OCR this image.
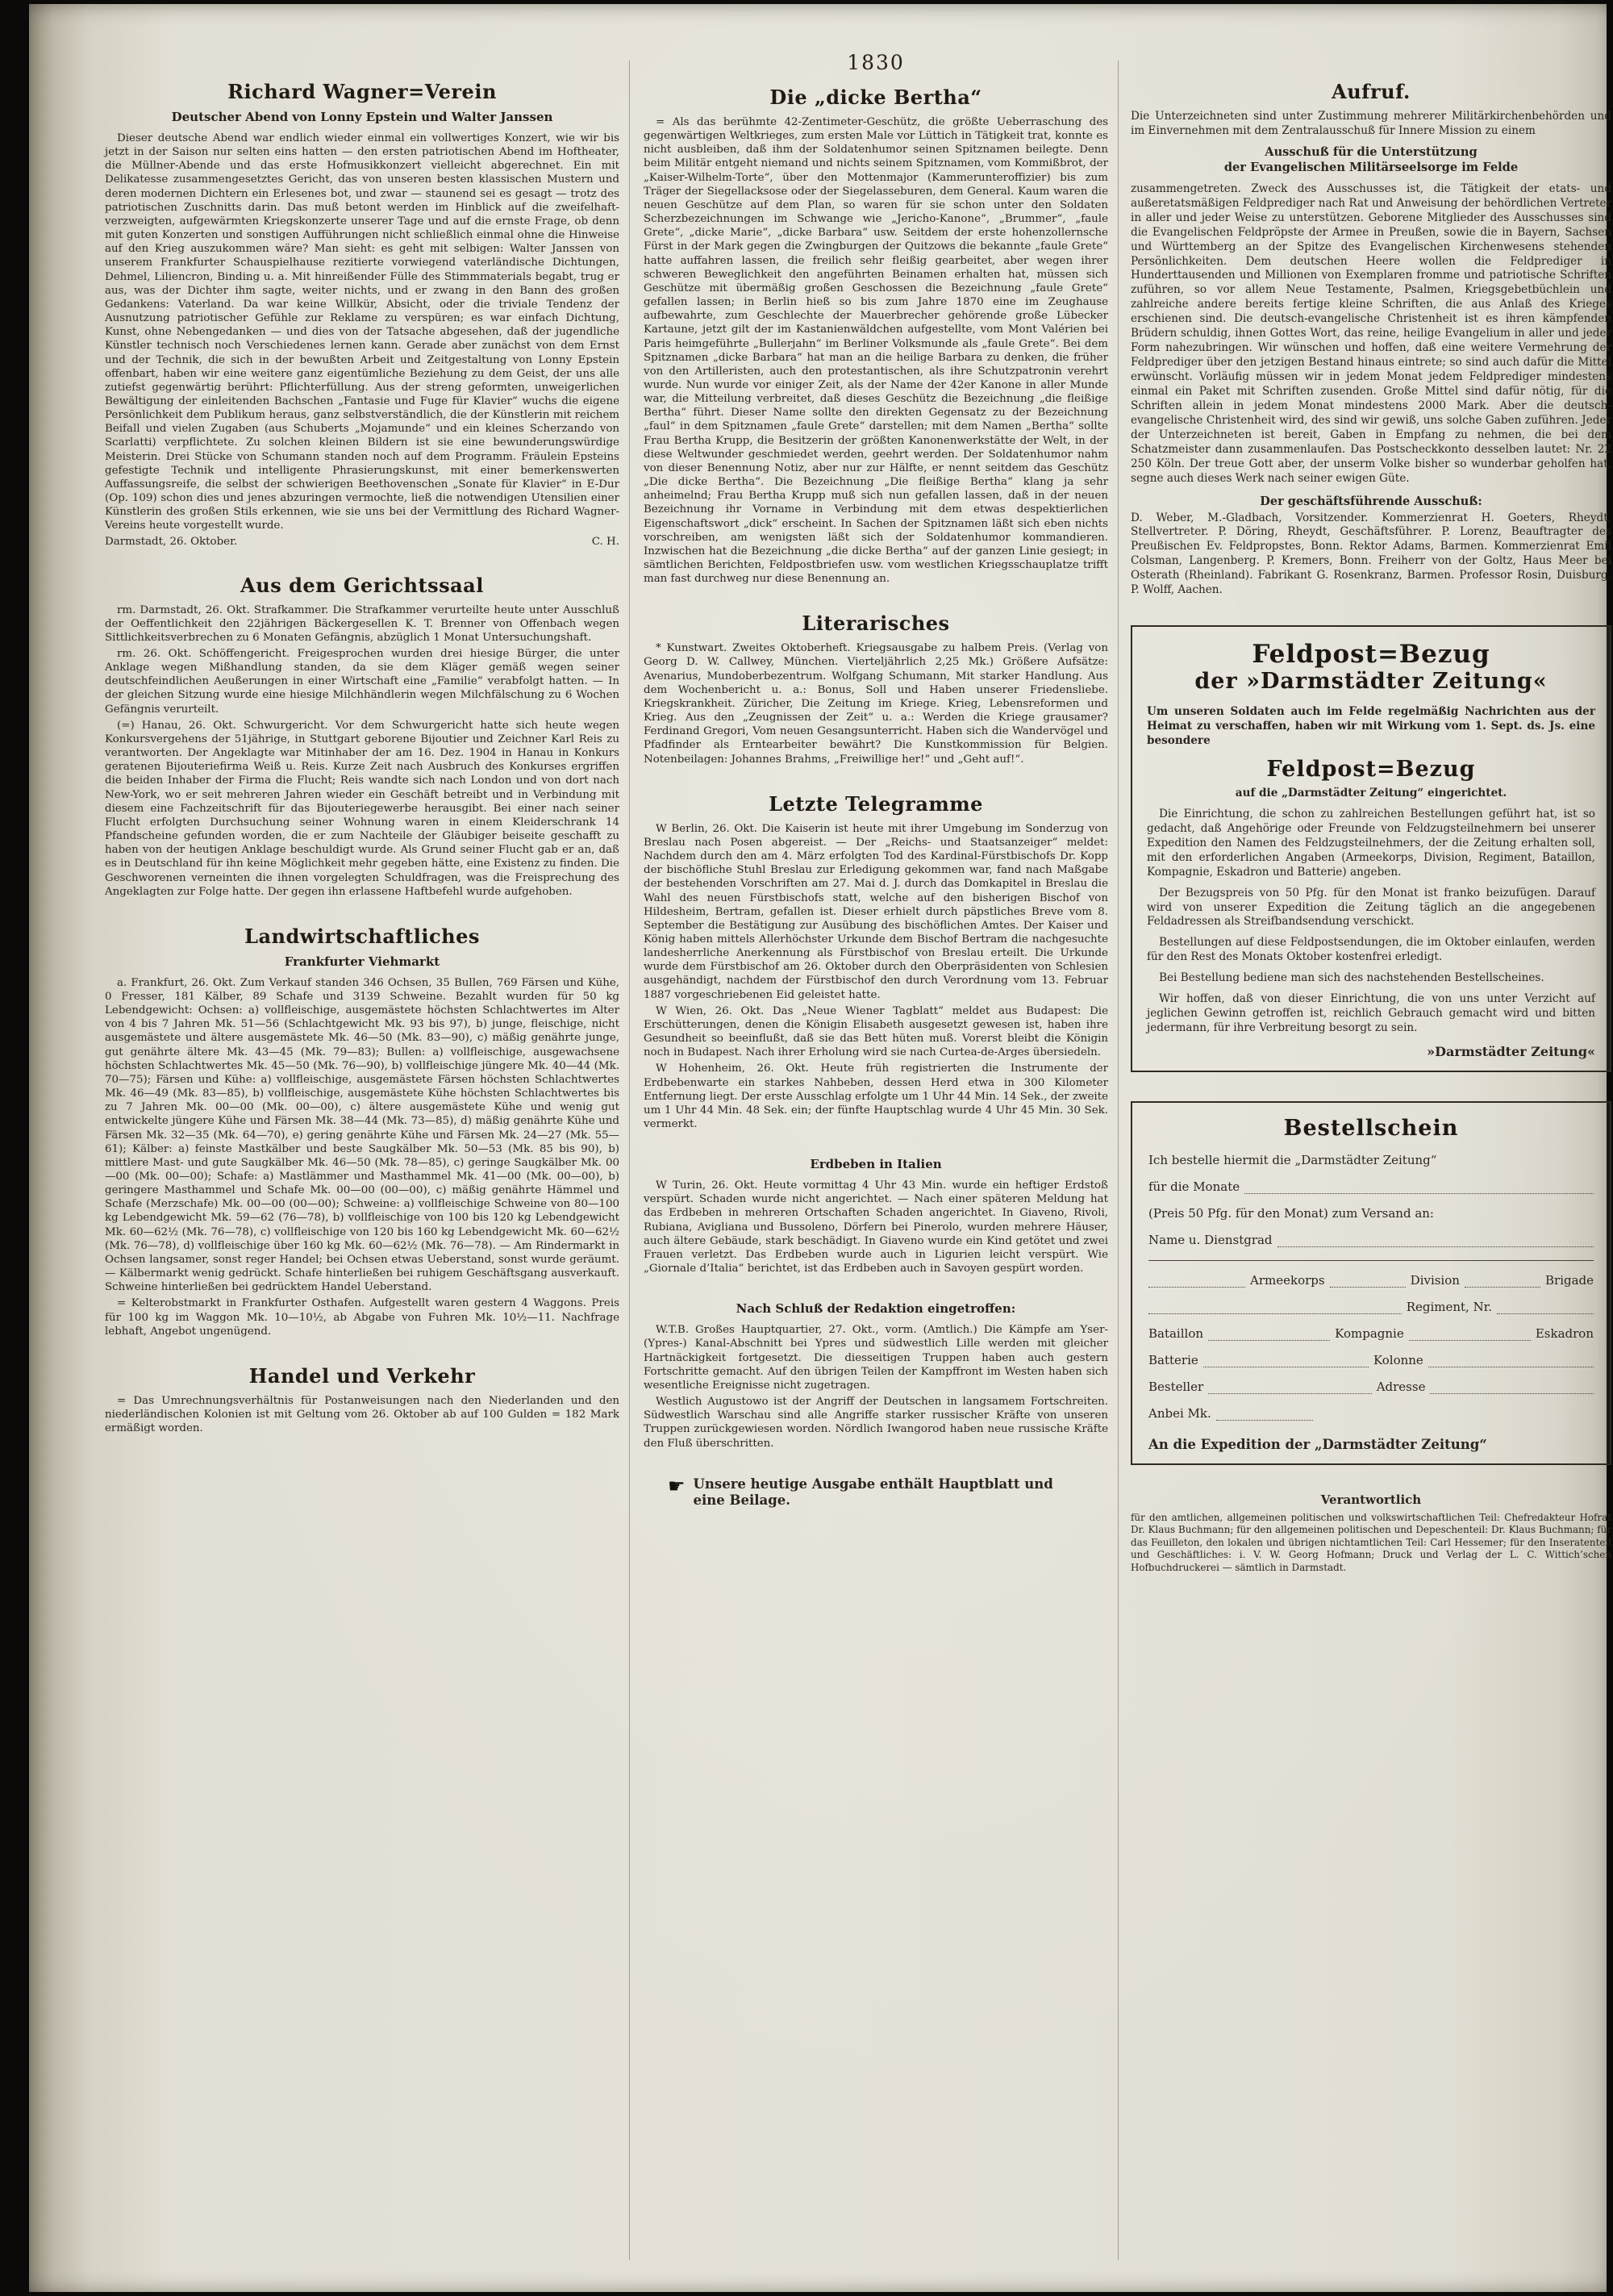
Richard Wagner=Verein
Deutscher Abend von Lonny Epstein und Walter Janssen

Dieser deutsche Abend war endlich wieder einmal ein vollwertiges Konzert, wie wir bis jetzt in der Saison nur selten eins hatten — den ersten patriotischen Abend im Hoftheater, die Müllner-Abende und das erste Hofmusikkonzert vielleicht abgerechnet. Ein mit Delikatesse zusammengesetztes Gericht, das von unseren besten klassischen Mustern und deren modernen Dichtern ein Erlesenes bot, und zwar — staunend sei es gesagt — trotz des patriotischen Zuschnitts darin. Das muß betont werden im Hinblick auf die zweifelhaft-verzweigten, aufgewärmten Kriegskonzerte unserer Tage und auf die ernste Frage, ob denn mit guten Konzerten und sonstigen Aufführungen nicht schließlich einmal ohne die Hinweise auf den Krieg auszukommen wäre? Man sieht: es geht mit selbigen: Walter Janssen von unserem Frankfurter Schauspielhause rezitierte vorwiegend vaterländische Dichtungen, Dehmel, Liliencron, Binding u. a. Mit hinreißender Fülle des Stimmmaterials begabt, trug er aus, was der Dichter ihm sagte, weiter nichts, und er zwang in den Bann des großen Gedankens: Vaterland. Da war keine Willkür, Absicht, oder die triviale Tendenz der Ausnutzung patriotischer Gefühle zur Reklame zu verspüren; es war einfach Dichtung, Kunst, ohne Nebengedanken — und dies von der Tatsache abgesehen, daß der jugendliche Künstler technisch noch Verschiedenes lernen kann. Gerade aber zunächst von dem Ernst und der Technik, die sich in der bewußten Arbeit und Zeitgestaltung von Lonny Epstein offenbart, haben wir eine weitere ganz eigentümliche Beziehung zu dem Geist, der uns alle zutiefst gegenwärtig berührt: Pflichterfüllung. Aus der streng geformten, unweigerlichen Bewältigung der einleitenden Bachschen „Fantasie und Fuge für Klavier“ wuchs die eigene Persönlichkeit dem Publikum heraus, ganz selbstverständlich, die der Künstlerin mit reichem Beifall und vielen Zugaben (aus Schuberts „Mojamunde“ und ein kleines Scherzando von Scarlatti) verpflichtete. Zu solchen kleinen Bildern ist sie eine bewunderungswürdige Meisterin. Drei Stücke von Schumann standen noch auf dem Programm. Fräulein Epsteins gefestigte Technik und intelligente Phrasierungskunst, mit einer bemerkenswerten Auffassungsreife, die selbst der schwierigen Beethovenschen „Sonate für Klavier“ in E-Dur (Op. 109) schon dies und jenes abzuringen vermochte, ließ die notwendigen Utensilien einer Künstlerin des großen Stils erkennen, wie sie uns bei der Vermittlung des Richard Wagner-Vereins heute vorgestellt wurde.

Darmstadt, 26. Oktober.	C. H.
Aus dem Gerichtssaal

rm. Darmstadt, 26. Okt. Strafkammer. Die Strafkammer verurteilte heute unter Ausschluß der Oeffentlichkeit den 22jährigen Bäckergesellen K. T. Brenner von Offenbach wegen Sittlichkeitsverbrechen zu 6 Monaten Gefängnis, abzüglich 1 Monat Untersuchungshaft.

rm. 26. Okt. Schöffengericht. Freigesprochen wurden drei hiesige Bürger, die unter Anklage wegen Mißhandlung standen, da sie dem Kläger gemäß wegen seiner deutschfeindlichen Aeußerungen in einer Wirtschaft eine „Familie“ verabfolgt hatten. — In der gleichen Sitzung wurde eine hiesige Milchhändlerin wegen Milchfälschung zu 6 Wochen Gefängnis verurteilt.

(=) Hanau, 26. Okt. Schwurgericht. Vor dem Schwurgericht hatte sich heute wegen Konkursvergehens der 51jährige, in Stuttgart geborene Bijoutier und Zeichner Karl Reis zu verantworten. Der Angeklagte war Mitinhaber der am 16. Dez. 1904 in Hanau in Konkurs geratenen Bijouteriefirma Weiß u. Reis. Kurze Zeit nach Ausbruch des Konkurses ergriffen die beiden Inhaber der Firma die Flucht; Reis wandte sich nach London und von dort nach New-York, wo er seit mehreren Jahren wieder ein Geschäft betreibt und in Verbindung mit diesem eine Fachzeitschrift für das Bijouteriegewerbe herausgibt. Bei einer nach seiner Flucht erfolgten Durchsuchung seiner Wohnung waren in einem Kleiderschrank 14 Pfandscheine gefunden worden, die er zum Nachteile der Gläubiger beiseite geschafft zu haben von der heutigen Anklage beschuldigt wurde. Als Grund seiner Flucht gab er an, daß es in Deutschland für ihn keine Möglichkeit mehr gegeben hätte, eine Existenz zu finden. Die Geschworenen verneinten die ihnen vorgelegten Schuldfragen, was die Freisprechung des Angeklagten zur Folge hatte. Der gegen ihn erlassene Haftbefehl wurde aufgehoben.

Landwirtschaftliches
Frankfurter Viehmarkt

a. Frankfurt, 26. Okt. Zum Verkauf standen 346 Ochsen, 35 Bullen, 769 Färsen und Kühe, 0 Fresser, 181 Kälber, 89 Schafe und 3139 Schweine. Bezahlt wurden für 50 kg Lebendgewicht: Ochsen: a) vollfleischige, ausgemästete höchsten Schlachtwertes im Alter von 4 bis 7 Jahren Mk. 51—56 (Schlachtgewicht Mk. 93 bis 97), b) junge, fleischige, nicht ausgemästete und ältere ausgemästete Mk. 46—50 (Mk. 83—90), c) mäßig genährte junge, gut genährte ältere Mk. 43—45 (Mk. 79—83); Bullen: a) vollfleischige, ausgewachsene höchsten Schlachtwertes Mk. 45—50 (Mk. 76—90), b) vollfleischige jüngere Mk. 40—44 (Mk. 70—75); Färsen und Kühe: a) vollfleischige, ausgemästete Färsen höchsten Schlachtwertes Mk. 46—49 (Mk. 83—85), b) vollfleischige, ausgemästete Kühe höchsten Schlachtwertes bis zu 7 Jahren Mk. 00—00 (Mk. 00—00), c) ältere ausgemästete Kühe und wenig gut entwickelte jüngere Kühe und Färsen Mk. 38—44 (Mk. 73—85), d) mäßig genährte Kühe und Färsen Mk. 32—35 (Mk. 64—70), e) gering genährte Kühe und Färsen Mk. 24—27 (Mk. 55—61); Kälber: a) feinste Mastkälber und beste Saugkälber Mk. 50—53 (Mk. 85 bis 90), b) mittlere Mast- und gute Saugkälber Mk. 46—50 (Mk. 78—85), c) geringe Saugkälber Mk. 00—00 (Mk. 00—00); Schafe: a) Mastlämmer und Masthammel Mk. 41—00 (Mk. 00—00), b) geringere Masthammel und Schafe Mk. 00—00 (00—00), c) mäßig genährte Hämmel und Schafe (Merzschafe) Mk. 00—00 (00—00); Schweine: a) vollfleischige Schweine von 80—100 kg Lebendgewicht Mk. 59—62 (76—78), b) vollfleischige von 100 bis 120 kg Lebendgewicht Mk. 60—62½ (Mk. 76—78), c) vollfleischige von 120 bis 160 kg Lebendgewicht Mk. 60—62½ (Mk. 76—78), d) vollfleischige über 160 kg Mk. 60—62½ (Mk. 76—78). — Am Rindermarkt in Ochsen langsamer, sonst reger Handel; bei Ochsen etwas Ueberstand, sonst wurde geräumt. — Kälbermarkt wenig gedrückt. Schafe hinterließen bei ruhigem Geschäftsgang ausverkauft. Schweine hinterließen bei gedrücktem Handel Ueberstand.

= Kelterobstmarkt in Frankfurter Osthafen. Aufgestellt waren gestern 4 Waggons. Preis für 100 kg im Waggon Mk. 10—10½, ab Abgabe von Fuhren Mk. 10½—11. Nachfrage lebhaft, Angebot ungenügend.

Handel und Verkehr

= Das Umrechnungsverhältnis für Postanweisungen nach den Niederlanden und den niederländischen Kolonien ist mit Geltung vom 26. Oktober ab auf 100 Gulden = 182 Mark ermäßigt worden.

1830
Die „dicke Bertha“

= Als das berühmte 42-Zentimeter-Geschütz, die größte Ueberraschung des gegenwärtigen Weltkrieges, zum ersten Male vor Lüttich in Tätigkeit trat, konnte es nicht ausbleiben, daß ihm der Soldatenhumor seinen Spitznamen beilegte. Denn beim Militär entgeht niemand und nichts seinem Spitznamen, vom Kommißbrot, der „Kaiser-Wilhelm-Torte“, über den Mottenmajor (Kammerunteroffizier) bis zum Träger der Siegellacksose oder der Siegelasseburen, dem General. Kaum waren die neuen Geschütze auf dem Plan, so waren für sie schon unter den Soldaten Scherzbezeichnungen im Schwange wie „Jericho-Kanone“, „Brummer“, „faule Grete“, „dicke Marie“, „dicke Barbara“ usw. Seitdem der erste hohenzollernsche Fürst in der Mark gegen die Zwingburgen der Quitzows die bekannte „faule Grete“ hatte auffahren lassen, die freilich sehr fleißig gearbeitet, aber wegen ihrer schweren Beweglichkeit den angeführten Beinamen erhalten hat, müssen sich Geschütze mit übermäßig großen Geschossen die Bezeichnung „faule Grete“ gefallen lassen; in Berlin hieß so bis zum Jahre 1870 eine im Zeughause aufbewahrte, zum Geschlechte der Mauerbrecher gehörende große Lübecker Kartaune, jetzt gilt der im Kastanienwäldchen aufgestellte, vom Mont Valérien bei Paris heimgeführte „Bullerjahn“ im Berliner Volksmunde als „faule Grete“. Bei dem Spitznamen „dicke Barbara“ hat man an die heilige Barbara zu denken, die früher von den Artilleristen, auch den protestantischen, als ihre Schutzpatronin verehrt wurde. Nun wurde vor einiger Zeit, als der Name der 42er Kanone in aller Munde war, die Mitteilung verbreitet, daß dieses Geschütz die Bezeichnung „die fleißige Bertha“ führt. Dieser Name sollte den direkten Gegensatz zu der Bezeichnung „faul“ in dem Spitznamen „faule Grete“ darstellen; mit dem Namen „Bertha“ sollte Frau Bertha Krupp, die Besitzerin der größten Kanonenwerkstätte der Welt, in der diese Weltwunder geschmiedet werden, geehrt werden. Der Soldatenhumor nahm von dieser Benennung Notiz, aber nur zur Hälfte, er nennt seitdem das Geschütz „Die dicke Bertha“. Die Bezeichnung „Die fleißige Bertha“ klang ja sehr anheimelnd; Frau Bertha Krupp muß sich nun gefallen lassen, daß in der neuen Bezeichnung ihr Vorname in Verbindung mit dem etwas despektierlichen Eigenschaftswort „dick“ erscheint. In Sachen der Spitznamen läßt sich eben nichts vorschreiben, am wenigsten läßt sich der Soldatenhumor kommandieren. Inzwischen hat die Bezeichnung „die dicke Bertha“ auf der ganzen Linie gesiegt; in sämtlichen Berichten, Feldpostbriefen usw. vom westlichen Kriegsschauplatze trifft man fast durchweg nur diese Benennung an.

Literarisches

* Kunstwart. Zweites Oktoberheft. Kriegsausgabe zu halbem Preis. (Verlag von Georg D. W. Callwey, München. Vierteljährlich 2,25 Mk.) Größere Aufsätze: Avenarius, Mundoberbezentrum. Wolfgang Schumann, Mit starker Handlung. Aus dem Wochenbericht u. a.: Bonus, Soll und Haben unserer Friedensliebe. Kriegskrankheit. Züricher, Die Zeitung im Kriege. Krieg, Lebensreformen und Krieg. Aus den „Zeugnissen der Zeit“ u. a.: Werden die Kriege grausamer? Ferdinand Gregori, Vom neuen Gesangsunterricht. Haben sich die Wandervögel und Pfadfinder als Erntearbeiter bewährt? Die Kunstkommission für Belgien. Notenbeilagen: Johannes Brahms, „Freiwillige her!“ und „Geht auf!“.

Letzte Telegramme

W Berlin, 26. Okt. Die Kaiserin ist heute mit ihrer Umgebung im Sonderzug von Breslau nach Posen abgereist. — Der „Reichs- und Staatsanzeiger“ meldet: Nachdem durch den am 4. März erfolgten Tod des Kardinal-Fürstbischofs Dr. Kopp der bischöfliche Stuhl Breslau zur Erledigung gekommen war, fand nach Maßgabe der bestehenden Vorschriften am 27. Mai d. J. durch das Domkapitel in Breslau die Wahl des neuen Fürstbischofs statt, welche auf den bisherigen Bischof von Hildesheim, Bertram, gefallen ist. Dieser erhielt durch päpstliches Breve vom 8. September die Bestätigung zur Ausübung des bischöflichen Amtes. Der Kaiser und König haben mittels Allerhöchster Urkunde dem Bischof Bertram die nachgesuchte landesherrliche Anerkennung als Fürstbischof von Breslau erteilt. Die Urkunde wurde dem Fürstbischof am 26. Oktober durch den Oberpräsidenten von Schlesien ausgehändigt, nachdem der Fürstbischof den durch Verordnung vom 13. Februar 1887 vorgeschriebenen Eid geleistet hatte.

W Wien, 26. Okt. Das „Neue Wiener Tagblatt“ meldet aus Budapest: Die Erschütterungen, denen die Königin Elisabeth ausgesetzt gewesen ist, haben ihre Gesundheit so beeinflußt, daß sie das Bett hüten muß. Vorerst bleibt die Königin noch in Budapest. Nach ihrer Erholung wird sie nach Curtea-de-Arges übersiedeln.

W Hohenheim, 26. Okt. Heute früh registrierten die Instrumente der Erdbebenwarte ein starkes Nahbeben, dessen Herd etwa in 300 Kilometer Entfernung liegt. Der erste Ausschlag erfolgte um 1 Uhr 44 Min. 14 Sek., der zweite um 1 Uhr 44 Min. 48 Sek. ein; der fünfte Hauptschlag wurde 4 Uhr 45 Min. 30 Sek. vermerkt.

Erdbeben in Italien

W Turin, 26. Okt. Heute vormittag 4 Uhr 43 Min. wurde ein heftiger Erdstoß verspürt. Schaden wurde nicht angerichtet. — Nach einer späteren Meldung hat das Erdbeben in mehreren Ortschaften Schaden angerichtet. In Giaveno, Rivoli, Rubiana, Avigliana und Bussoleno, Dörfern bei Pinerolo, wurden mehrere Häuser, auch ältere Gebäude, stark beschädigt. In Giaveno wurde ein Kind getötet und zwei Frauen verletzt. Das Erdbeben wurde auch in Ligurien leicht verspürt. Wie „Giornale d’Italia“ berichtet, ist das Erdbeben auch in Savoyen gespürt worden.

Nach Schluß der Redaktion eingetroffen:

W.T.B. Großes Hauptquartier, 27. Okt., vorm. (Amtlich.) Die Kämpfe am Yser- (Ypres-) Kanal-Abschnitt bei Ypres und südwestlich Lille werden mit gleicher Hartnäckigkeit fortgesetzt. Die diesseitigen Truppen haben auch gestern Fortschritte gemacht. Auf den übrigen Teilen der Kampffront im Westen haben sich wesentliche Ereignisse nicht zugetragen.

Westlich Augustowo ist der Angriff der Deutschen in langsamem Fortschreiten. Südwestlich Warschau sind alle Angriffe starker russischer Kräfte von unseren Truppen zurückgewiesen worden. Nördlich Iwangorod haben neue russische Kräfte den Fluß überschritten.

☛ Unsere heutige Ausgabe enthält Hauptblatt und eine Beilage.
Aufruf.

Die Unterzeichneten sind unter Zustimmung mehrerer Militärkirchenbehörden und im Einvernehmen mit dem Zentralausschuß für Innere Mission zu einem

Ausschuß für die Unterstützung
der Evangelischen Militärseelsorge im Felde

zusammengetreten. Zweck des Ausschusses ist, die Tätigkeit der etats- und außeretatsmäßigen Feldprediger nach Rat und Anweisung der behördlichen Vertreter in aller und jeder Weise zu unterstützen. Geborene Mitglieder des Ausschusses sind die Evangelischen Feldpröpste der Armee in Preußen, sowie die in Bayern, Sachsen und Württemberg an der Spitze des Evangelischen Kirchenwesens stehenden Persönlichkeiten. Dem deutschen Heere wollen die Feldprediger in Hunderttausenden und Millionen von Exemplaren fromme und patriotische Schriften zuführen, so vor allem Neue Testamente, Psalmen, Kriegsgebetbüchlein und zahlreiche andere bereits fertige kleine Schriften, die aus Anlaß des Krieges erschienen sind. Die deutsch-evangelische Christenheit ist es ihren kämpfenden Brüdern schuldig, ihnen Gottes Wort, das reine, heilige Evangelium in aller und jeder Form nahezubringen. Wir wünschen und hoffen, daß eine weitere Vermehrung der Feldprediger über den jetzigen Bestand hinaus eintrete; so sind auch dafür die Mittel erwünscht. Vorläufig müssen wir in jedem Monat jedem Feldprediger mindestens einmal ein Paket mit Schriften zusenden. Große Mittel sind dafür nötig, für die Schriften allein in jedem Monat mindestens 2000 Mark. Aber die deutsch-evangelische Christenheit wird, des sind wir gewiß, uns solche Gaben zuführen. Jeder der Unterzeichneten ist bereit, Gaben in Empfang zu nehmen, die bei dem Schatzmeister dann zusammenlaufen. Das Postscheckkonto desselben lautet: Nr. 22 250 Köln. Der treue Gott aber, der unserm Volke bisher so wunderbar geholfen hat, segne auch dieses Werk nach seiner ewigen Güte.

Der geschäftsführende Ausschuß:

D. Weber, M.-Gladbach, Vorsitzender. Kommerzienrat H. Goeters, Rheydt, Stellvertreter. P. Döring, Rheydt, Geschäftsführer. P. Lorenz, Beauftragter des Preußischen Ev. Feldpropstes, Bonn. Rektor Adams, Barmen. Kommerzienrat Emil Colsman, Langenberg. P. Kremers, Bonn. Freiherr von der Goltz, Haus Meer bei Osterath (Rheinland). Fabrikant G. Rosenkranz, Barmen. Professor Rosin, Duisburg. P. Wolff, Aachen.

Feldpost=Bezug
der »Darmstädter Zeitung«

Um unseren Soldaten auch im Felde regelmäßig Nachrichten aus der Heimat zu verschaffen, haben wir mit Wirkung vom 1. Sept. ds. Js. eine besondere

Feldpost=Bezug

auf die „Darmstädter Zeitung“ eingerichtet.

Die Einrichtung, die schon zu zahlreichen Bestellungen geführt hat, ist so gedacht, daß Angehörige oder Freunde von Feldzugsteilnehmern bei unserer Expedition den Namen des Feldzugsteilnehmers, der die Zeitung erhalten soll, mit den erforderlichen Angaben (Armeekorps, Division, Regiment, Bataillon, Kompagnie, Eskadron und Batterie) angeben.

Der Bezugspreis von 50 Pfg. für den Monat ist franko beizufügen. Darauf wird von unserer Expedition die Zeitung täglich an die angegebenen Feldadressen als Streifbandsendung verschickt.

Bestellungen auf diese Feldpostsendungen, die im Oktober einlaufen, werden für den Rest des Monats Oktober kostenfrei erledigt.

Bei Bestellung bediene man sich des nachstehenden Bestellscheines.

Wir hoffen, daß von dieser Einrichtung, die von uns unter Verzicht auf jeglichen Gewinn getroffen ist, reichlich Gebrauch gemacht wird und bitten jedermann, für ihre Verbreitung besorgt zu sein.

»Darmstädter Zeitung«
Bestellschein
Ich bestelle hiermit die „Darmstädter Zeitung“
für die Monate
(Preis 50 Pfg. für den Monat) zum Versand an:
Name u. Dienstgrad
Armeekorps	Division	Brigade
Regiment, Nr.
Bataillon	Kompagnie	Eskadron
Batterie	Kolonne
Besteller	Adresse
Anbei Mk.
An die Expedition der „Darmstädter Zeitung“
Verantwortlich

für den amtlichen, allgemeinen politischen und volkswirtschaftlichen Teil: Chefredakteur Hofrat Dr. Klaus Buchmann; für den allgemeinen politischen und Depeschenteil: Dr. Klaus Buchmann; für das Feuilleton, den lokalen und übrigen nichtamtlichen Teil: Carl Hessemer; für den Inseratenteil und Geschäftliches: i. V. W. Georg Hofmann; Druck und Verlag der L. C. Wittich’schen Hofbuchdruckerei — sämtlich in Darmstadt.
